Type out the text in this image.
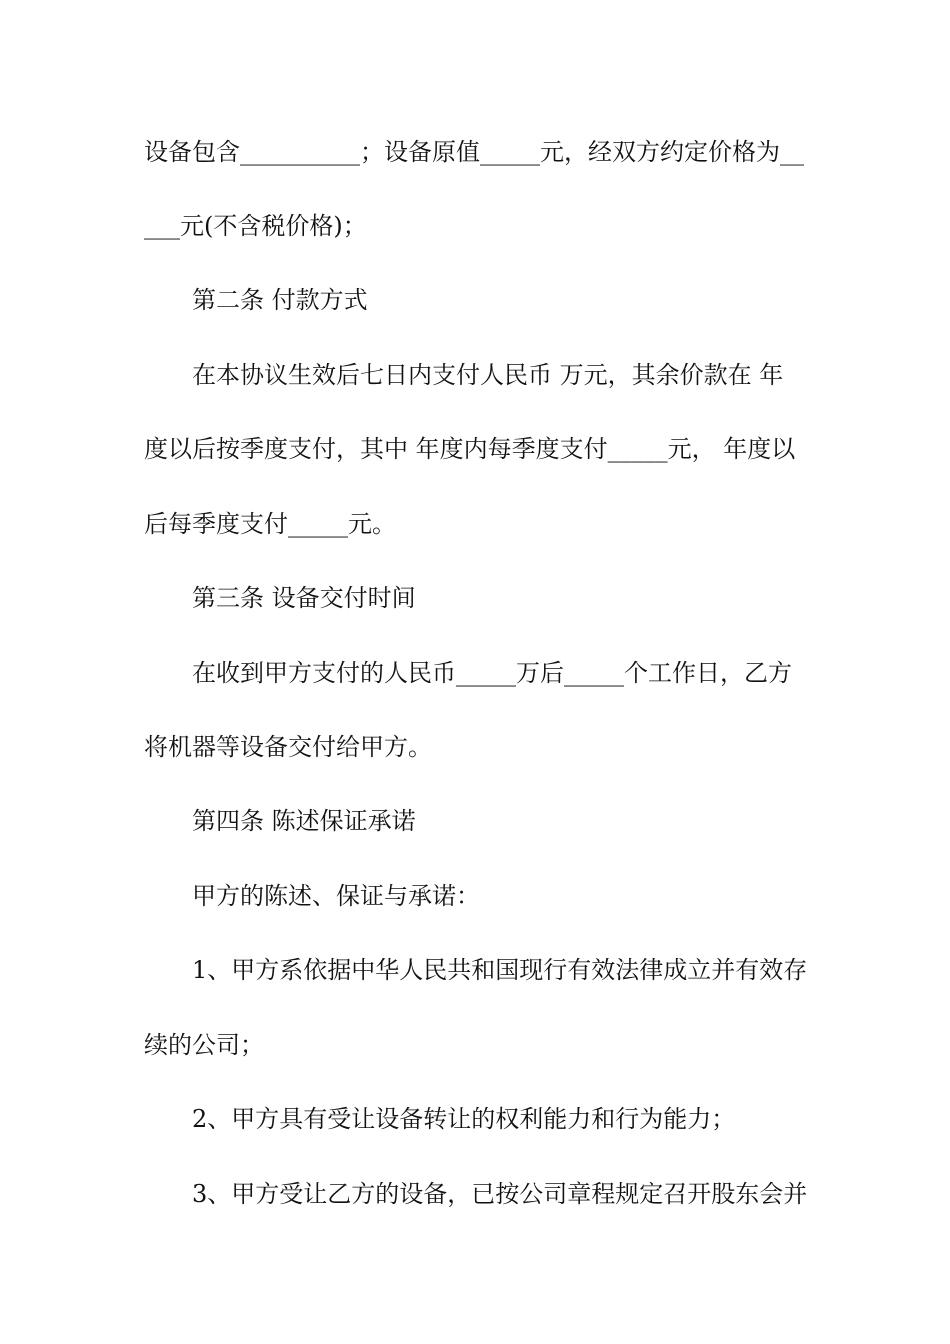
设备包含__________；设备原值_____元，经双方约定价格为__
___元(不含税价格)；
第二条 付款方式
在本协议生效后七日内支付人民币 万元，其余价款在 年
度以后按季度支付，其中 年度内每季度支付_____元， 年度以
后每季度支付_____元。
第三条 设备交付时间
在收到甲方支付的人民币_____万后_____个工作日，乙方
将机器等设备交付给甲方。
第四条 陈述保证承诺
甲方的陈述、保证与承诺：
1、甲方系依据中华人民共和国现行有效法律成立并有效存
续的公司；
2、甲方具有受让设备转让的权利能力和行为能力；
3、甲方受让乙方的设备，已按公司章程规定召开股东会并
